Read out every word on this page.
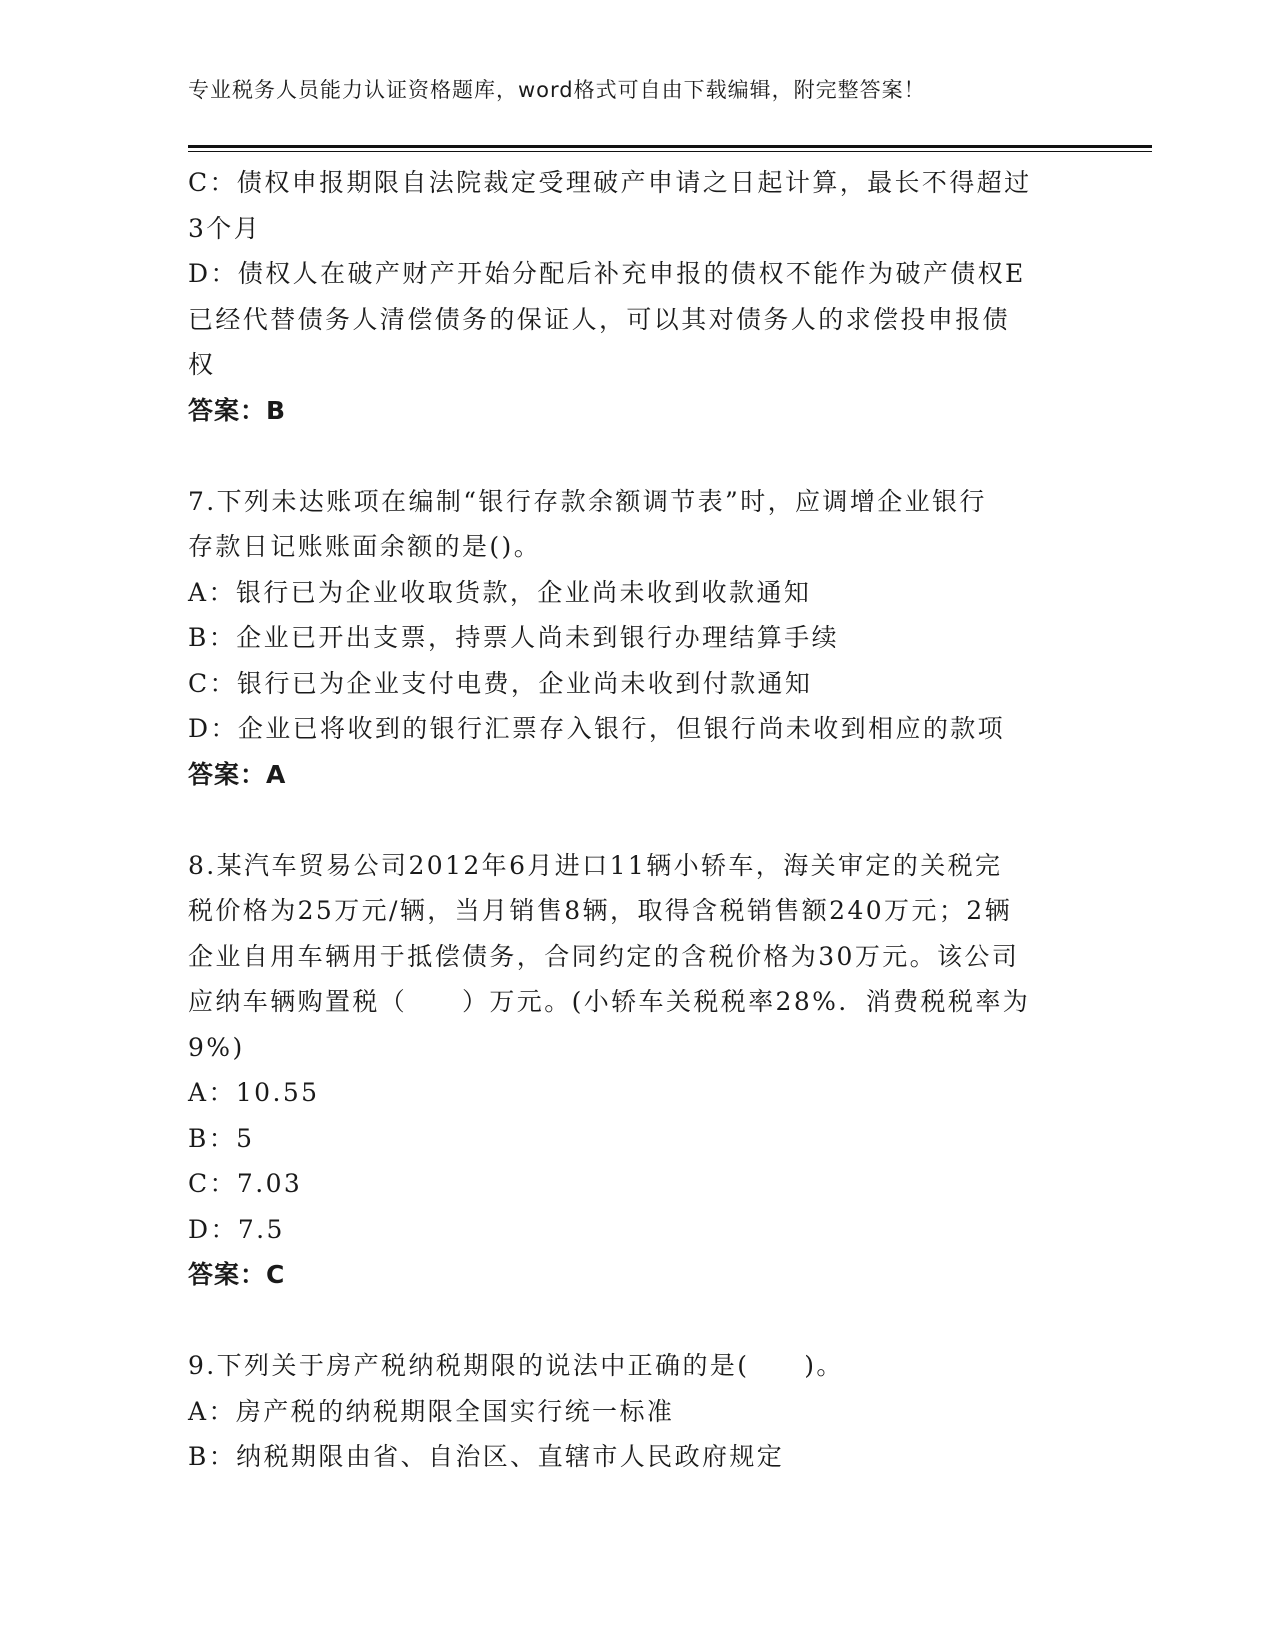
专业税务人员能力认证资格题库，word格式可自由下载编辑，附完整答案！
C：债权申报期限自法院裁定受理破产申请之日起计算，最长不得超过
3个月
D：债权人在破产财产开始分配后补充申报的债权不能作为破产债权E
已经代替债务人清偿债务的保证人，可以其对债务人的求偿投申报债
权
答案：B
7.下列未达账项在编制“银行存款余额调节表”时，应调增企业银行
存款日记账账面余额的是()。
A：银行已为企业收取货款，企业尚未收到收款通知
B：企业已开出支票，持票人尚未到银行办理结算手续
C：银行已为企业支付电费，企业尚未收到付款通知
D：企业已将收到的银行汇票存入银行，但银行尚未收到相应的款项
答案：A
8.某汽车贸易公司2012年6月进口11辆小轿车，海关审定的关税完
税价格为25万元/辆，当月销售8辆，取得含税销售额240万元；2辆
企业自用车辆用于抵偿债务，合同约定的含税价格为30万元。该公司
应纳车辆购置税（　　）万元。(小轿车关税税率28%．消费税税率为
9%)
A：10.55
B：5
C：7.03
D：7.5
答案：C
9.下列关于房产税纳税期限的说法中正确的是(　　)。
A：房产税的纳税期限全国实行统一标准
B：纳税期限由省、自治区、直辖市人民政府规定
